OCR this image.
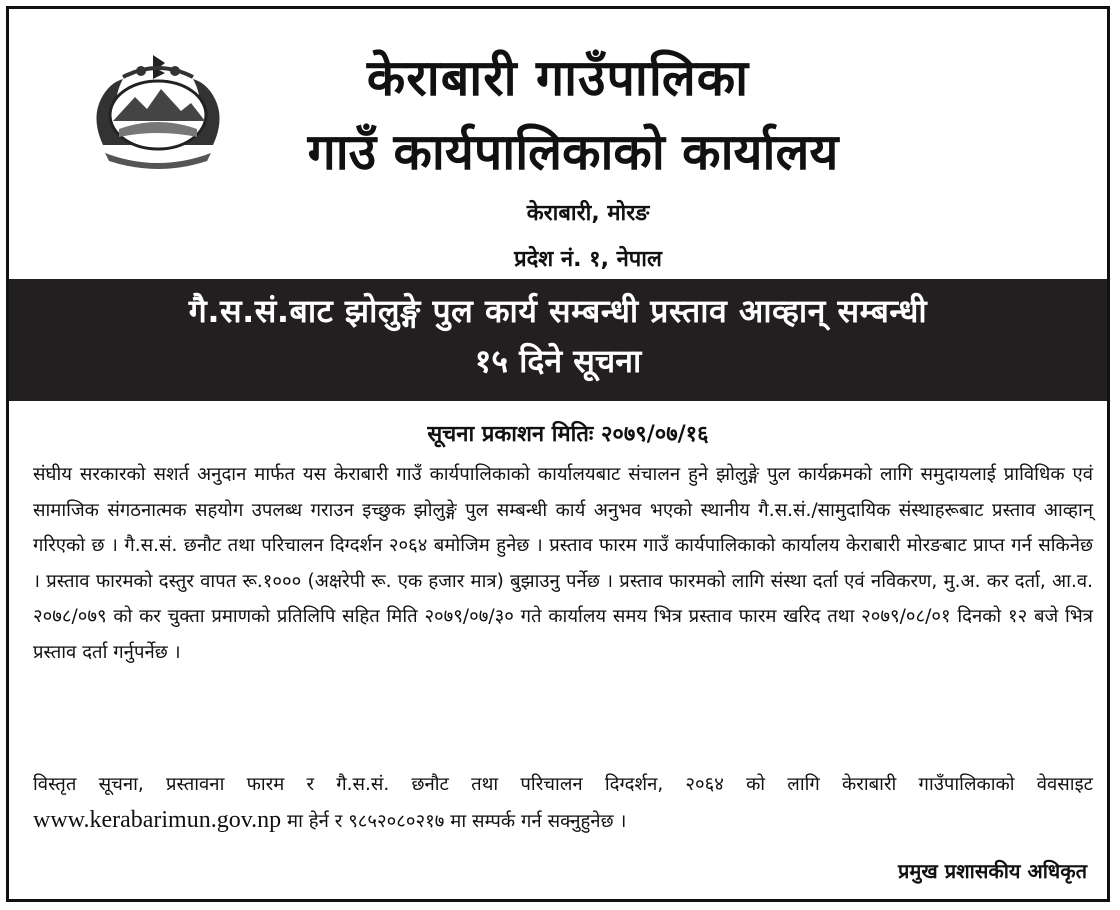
केराबारी गाउँपालिका
गाउँ कार्यपालिकाको कार्यालय
केराबारी, मोरङ
प्रदेश नं. १, नेपाल
गै.स.सं.बाट झोलुङ्गे पुल कार्य सम्बन्धी प्रस्ताव आव्हान् सम्बन्धी
१५ दिने सूचना
सूचना प्रकाशन मितिः २०७९/०७/१६

संघीय सरकारको सशर्त अनुदान मार्फत यस केराबारी गाउँ कार्यपालिकाको कार्यालयबाट संचालन हुने झोलुङ्गे पुल कार्यक्रमको लागि समुदायलाई प्राविधिक एवं सामाजिक संगठनात्मक सहयोग उपलब्ध गराउन इच्छुक झोलुङ्गे पुल सम्बन्धी कार्य अनुभव भएको स्थानीय गै.स.सं./सामुदायिक संस्थाहरूबाट प्रस्ताव आव्हान् गरिएको छ । गै.स.सं. छनौट तथा परिचालन दिग्दर्शन २०६४ बमोजिम हुनेछ । प्रस्ताव फारम गाउँ कार्यपालिकाको कार्यालय केराबारी मोरङबाट प्राप्त गर्न सकिनेछ । प्रस्ताव फारमको दस्तुर वापत रू.१००० (अक्षरेपी रू. एक हजार मात्र) बुझाउनु पर्नेछ । प्रस्ताव फारमको लागि संस्था दर्ता एवं नविकरण, मु.अ. कर दर्ता, आ.व. २०७८/०७९ को कर चुक्ता प्रमाणको प्रतिलिपि सहित मिति २०७९/०७/३० गते कार्यालय समय भित्र प्रस्ताव फारम खरिद तथा २०७९/०८/०१ दिनको १२ बजे भित्र प्रस्ताव दर्ता गर्नुपर्नेछ ।

विस्तृत सूचना, प्रस्तावना फारम र गै.स.सं. छनौट तथा परिचालन दिग्दर्शन, २०६४ को लागि केराबारी गाउँपालिकाको वेवसाइट www.kerabarimun.gov.np मा हेर्न र ९८५२०८०२१७ मा सम्पर्क गर्न सक्नुहुनेछ ।

प्रमुख प्रशासकीय अधिकृत
